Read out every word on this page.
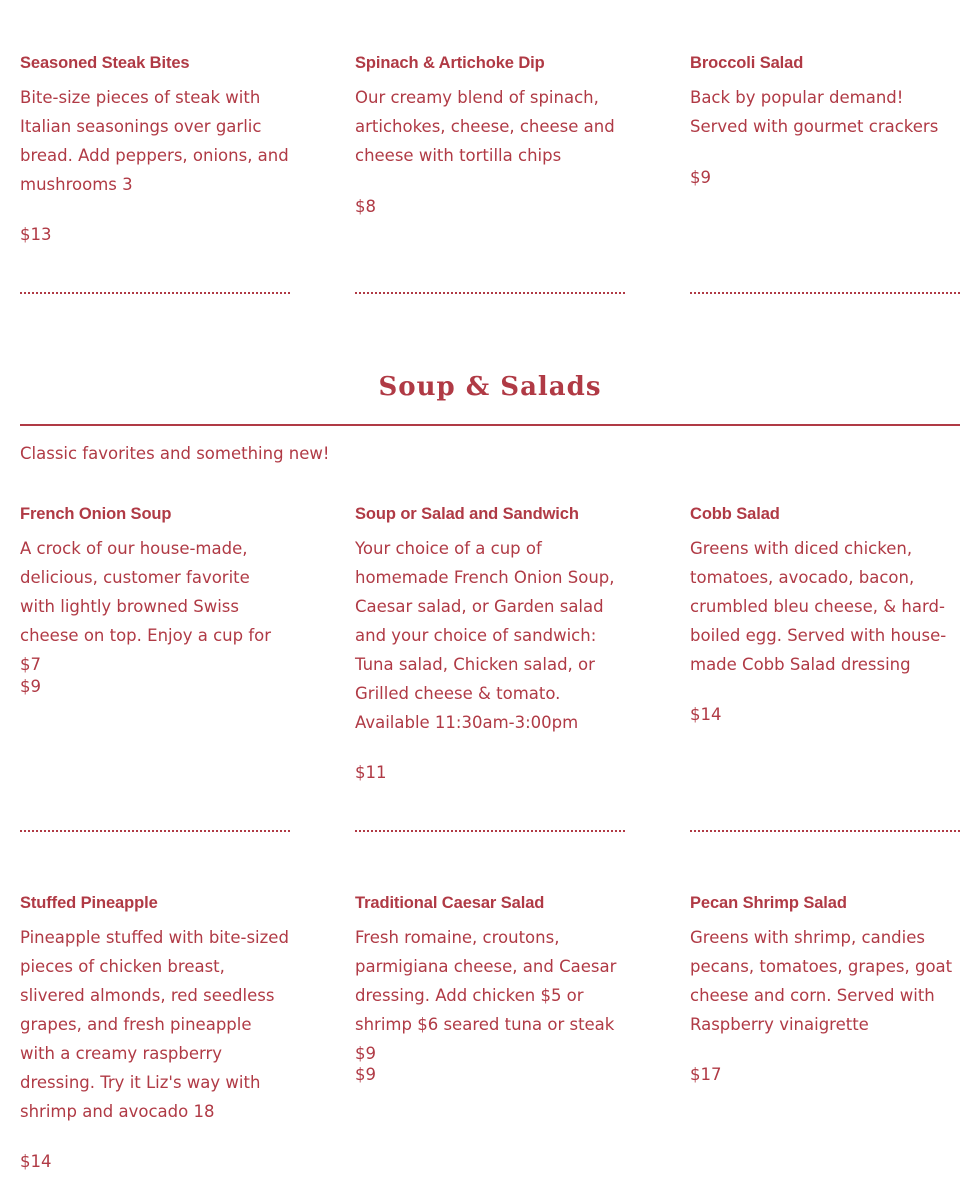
Seasoned Steak Bites

Bite-size pieces of steak with Italian seasonings over garlic bread. Add peppers, onions, and mushrooms 3

$13
Spinach & Artichoke Dip

Our creamy blend of spinach, artichokes, cheese, cheese and cheese with tortilla chips

$8
Broccoli Salad

Back by popular demand! Served with gourmet crackers

$9
Soup & Salads

Classic favorites and something new!

French Onion Soup

A crock of our house-made, delicious, customer favorite with lightly browned Swiss cheese on top. Enjoy a cup for $7

$9
Soup or Salad and Sandwich

Your choice of a cup of homemade French Onion Soup, Caesar salad, or Garden salad and your choice of sandwich: Tuna salad, Chicken salad, or Grilled cheese & tomato. Available 11:30am-3:00pm

$11
Cobb Salad

Greens with diced chicken, tomatoes, avocado, bacon, crumbled bleu cheese, & hard-boiled egg. Served with house-made Cobb Salad dressing

$14
Stuffed Pineapple

Pineapple stuffed with bite-sized pieces of chicken breast, slivered almonds, red seedless grapes, and fresh pineapple with a creamy raspberry dressing. Try it Liz's way with shrimp and avocado 18

$14
Traditional Caesar Salad

Fresh romaine, croutons, parmigiana cheese, and Caesar dressing. Add chicken $5 or shrimp $6 seared tuna or steak $9

$9
Pecan Shrimp Salad

Greens with shrimp, candies pecans, tomatoes, grapes, goat cheese and corn. Served with Raspberry vinaigrette

$17
